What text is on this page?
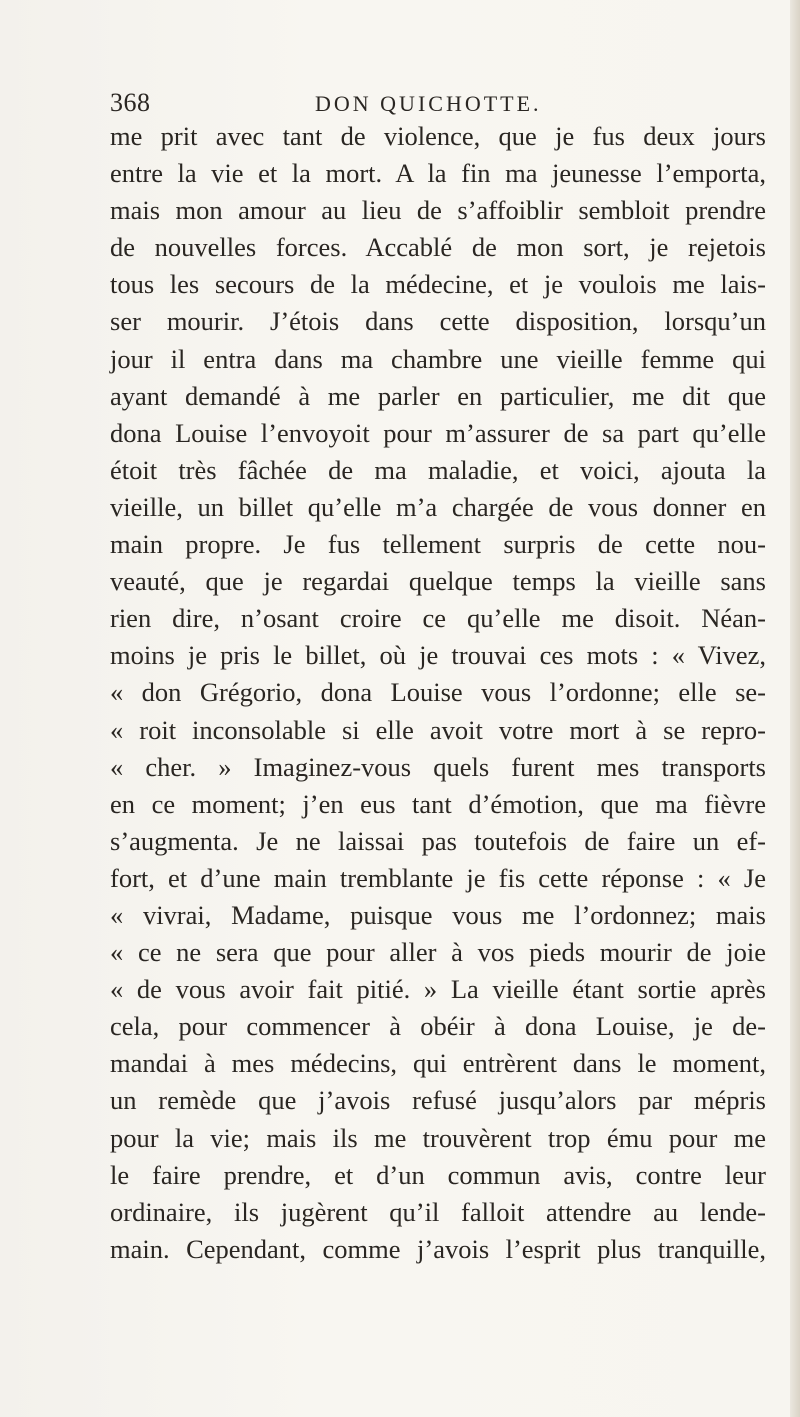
368	DON QUICHOTTE.
me prit avec tant de violence, que je fus deux jours
entre la vie et la mort. A la fin ma jeunesse l’emporta,
mais mon amour au lieu de s’affoiblir sembloit prendre
de nouvelles forces. Accablé de mon sort, je rejetois
tous les secours de la médecine, et je voulois me lais-
ser mourir. J’étois dans cette disposition, lorsqu’un
jour il entra dans ma chambre une vieille femme qui
ayant demandé à me parler en particulier, me dit que
dona Louise l’envoyoit pour m’assurer de sa part qu’elle
étoit très fâchée de ma maladie, et voici, ajouta la
vieille, un billet qu’elle m’a chargée de vous donner en
main propre. Je fus tellement surpris de cette nou-
veauté, que je regardai quelque temps la vieille sans
rien dire, n’osant croire ce qu’elle me disoit. Néan-
moins je pris le billet, où je trouvai ces mots : « Vivez,
« don Grégorio, dona Louise vous l’ordonne; elle se-
« roit inconsolable si elle avoit votre mort à se repro-
« cher. » Imaginez-vous quels furent mes transports
en ce moment; j’en eus tant d’émotion, que ma fièvre
s’augmenta. Je ne laissai pas toutefois de faire un ef-
fort, et d’une main tremblante je fis cette réponse : « Je
« vivrai, Madame, puisque vous me l’ordonnez; mais
« ce ne sera que pour aller à vos pieds mourir de joie
« de vous avoir fait pitié. » La vieille étant sortie après
cela, pour commencer à obéir à dona Louise, je de-
mandai à mes médecins, qui entrèrent dans le moment,
un remède que j’avois refusé jusqu’alors par mépris
pour la vie; mais ils me trouvèrent trop ému pour me
le faire prendre, et d’un commun avis, contre leur
ordinaire, ils jugèrent qu’il falloit attendre au lende-
main. Cependant, comme j’avois l’esprit plus tranquille,
